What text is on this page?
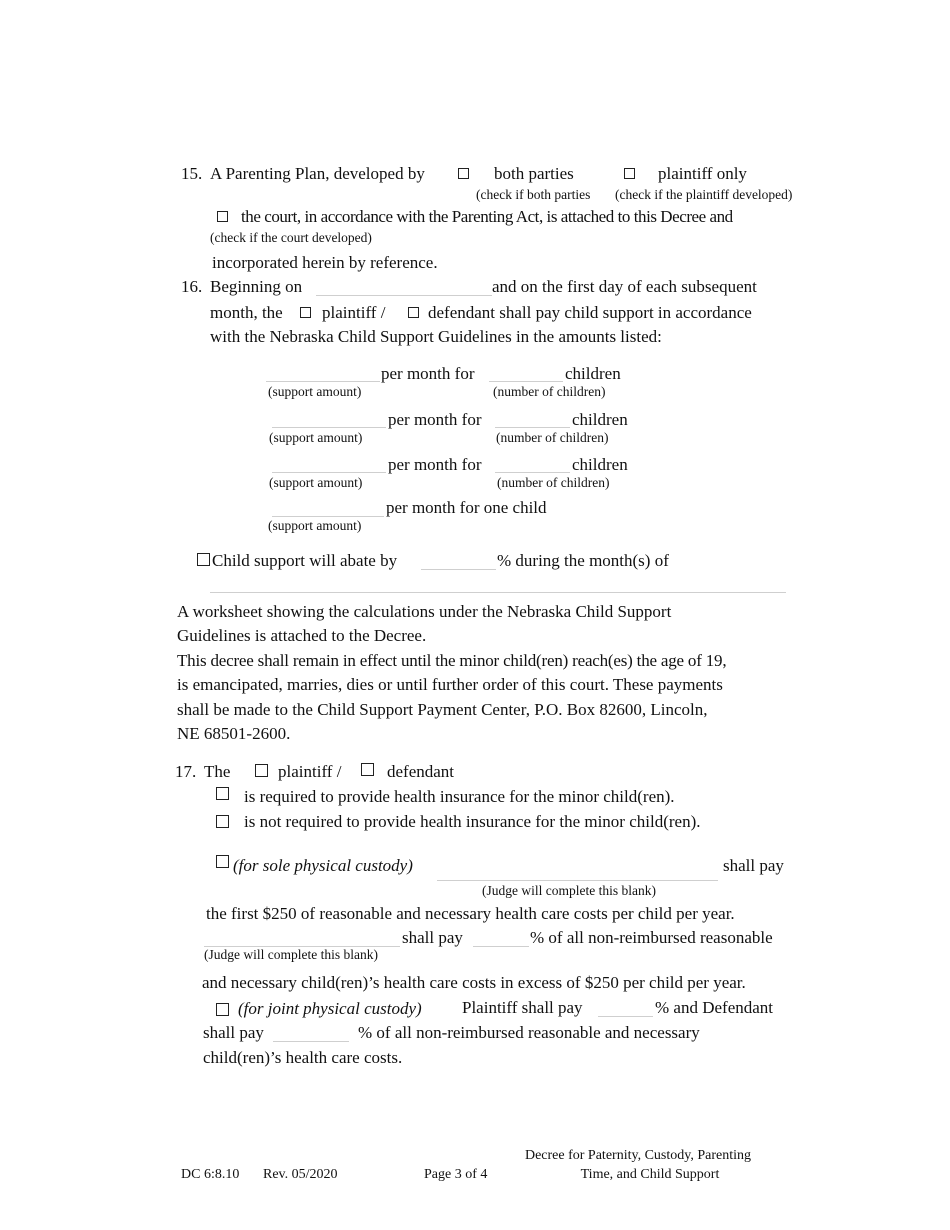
15. A Parenting Plan, developed by	both parties	plaintiff only
(check if both parties (check if the plaintiff developed)
the court, in accordance with the Parenting Act, is attached to this Decree and
(check if the court developed)
incorporated herein by reference.
16. Beginning on	and on the first day of each subsequent
month, the plaintiff /	defendant shall pay child support in accordance
with the Nebraska Child Support Guidelines in the amounts listed:
per month for	children
(support amount)	(number of children)
per month for	children
(support amount)	(number of children)
per month for	children
(support amount)	(number of children)
per month for one child
(support amount)
Child support will abate by	% during the month(s) of
A worksheet showing the calculations under the Nebraska Child Support
Guidelines is attached to the Decree.
This decree shall remain in effect until the minor child(ren) reach(es) the age of 19,
is emancipated, marries, dies or until further order of this court. These payments
shall be made to the Child Support Payment Center, P.O. Box 82600, Lincoln,
NE 68501-2600.
17. The	plaintiff /	defendant
is required to provide health insurance for the minor child(ren).
is not required to provide health insurance for the minor child(ren).
(for sole physical custody)	shall pay
(Judge will complete this blank)
the first $250 of reasonable and necessary health care costs per child per year.
shall pay	% of all non-reimbursed reasonable
(Judge will complete this blank)
and necessary child(ren)’s health care costs in excess of $250 per child per year.
(for joint physical custody) Plaintiff shall pay	% and Defendant
shall pay	% of all non-reimbursed reasonable and necessary
child(ren)’s health care costs.
DC 6:8.10 Rev. 05/2020	Page 3 of 4
Decree for Paternity, Custody, Parenting
Time, and Child Support
